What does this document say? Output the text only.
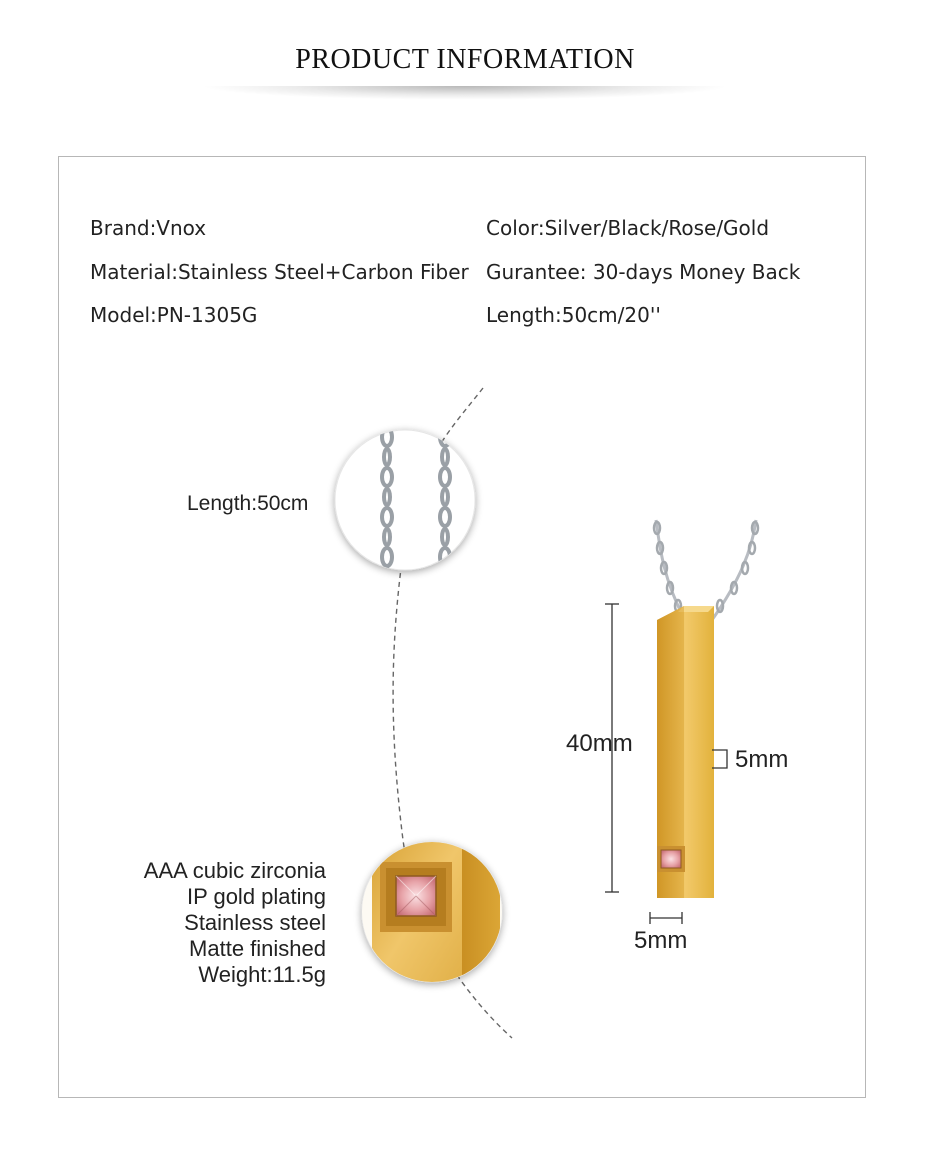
PRODUCT INFORMATION
Brand:Vnox
Material:Stainless Steel+Carbon Fiber
Model:PN-1305G
Color:Silver/Black/Rose/Gold
Gurantee: 30-days Money Back
Length:50cm/20''
Length:50cm
AAA cubic zirconia
IP gold plating
Stainless steel
Matte finished
Weight:11.5g
40mm
5mm
5mm
